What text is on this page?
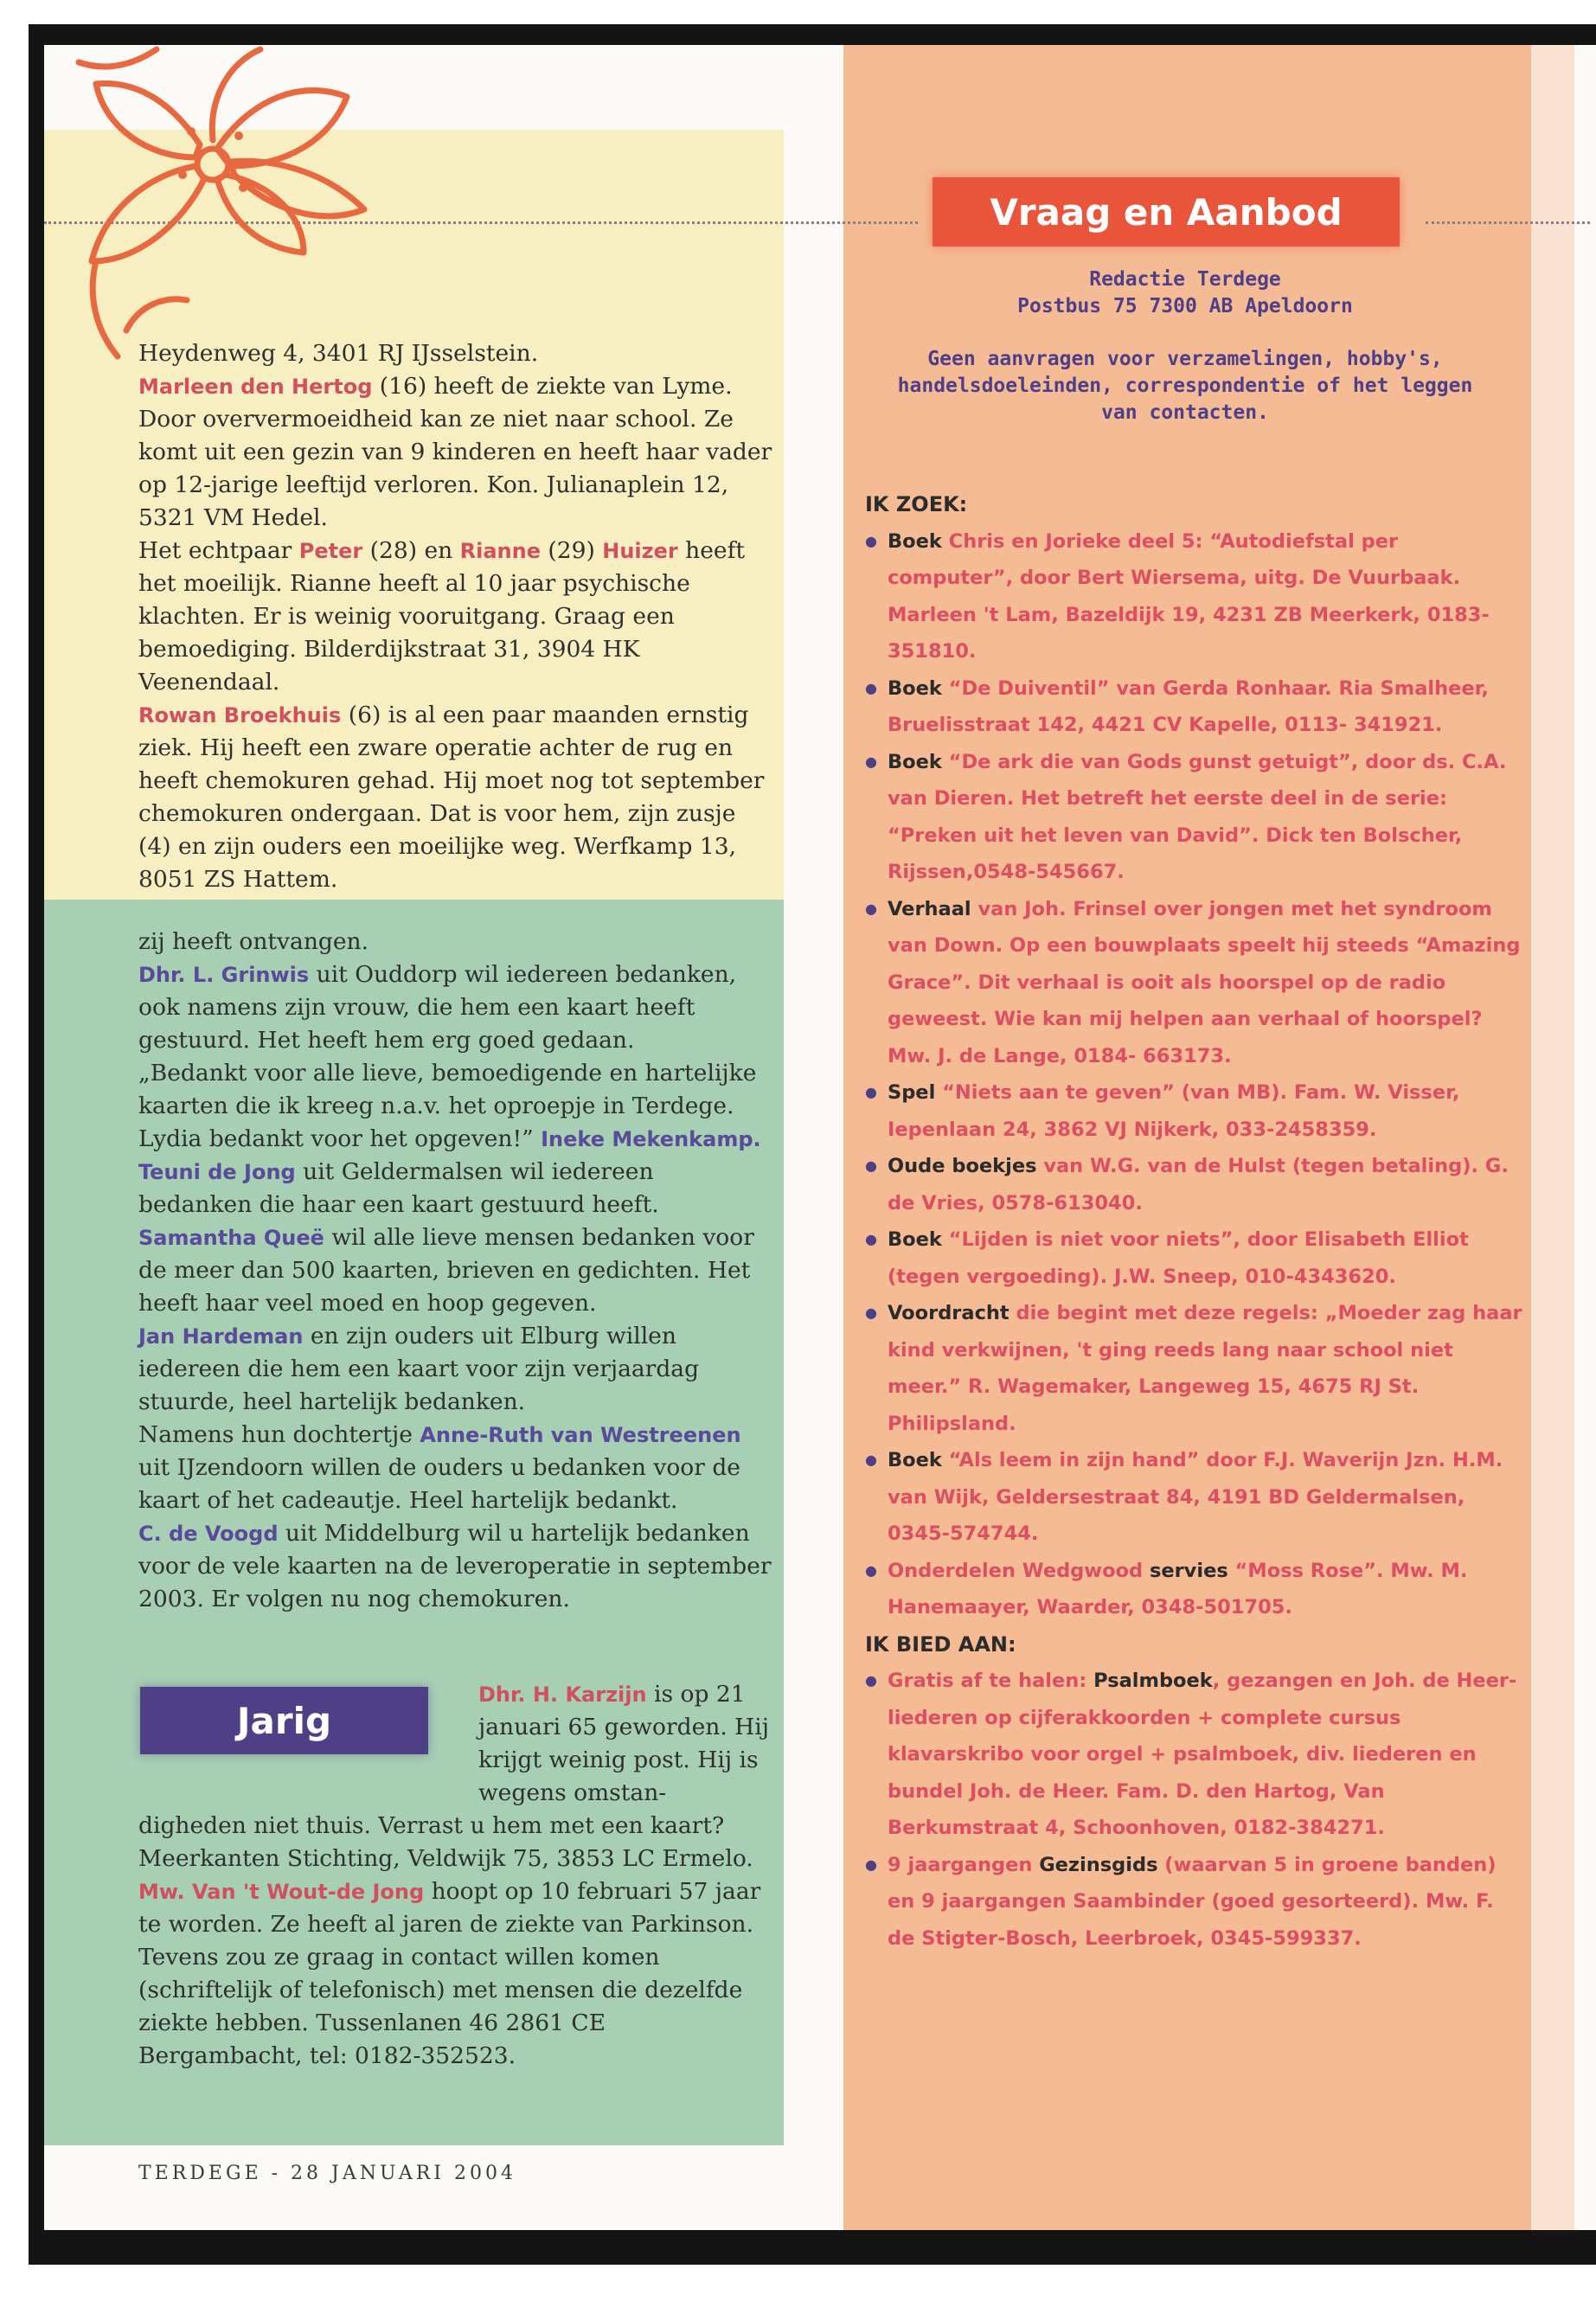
Heydenweg 4, 3401 RJ IJsselstein.

Marleen den Hertog (16) heeft de ziekte van Lyme. Door oververmoeidheid kan ze niet naar school. Ze komt uit een gezin van 9 kinderen en heeft haar vader op 12-jarige leeftijd verloren. Kon. Julianaplein 12, 5321 VM Hedel.

Het echtpaar Peter (28) en Rianne (29) Huizer heeft het moeilijk. Rianne heeft al 10 jaar psychische klachten. Er is weinig vooruitgang. Graag een bemoediging. Bilderdijkstraat 31, 3904 HK Veenendaal.

Rowan Broekhuis (6) is al een paar maanden ernstig ziek. Hij heeft een zware operatie achter de rug en heeft chemokuren gehad. Hij moet nog tot september chemokuren ondergaan. Dat is voor hem, zijn zusje (4) en zijn ouders een moeilijke weg. Werfkamp 13, 8051 ZS Hattem.

zij heeft ontvangen.

Dhr. L. Grinwis uit Ouddorp wil iedereen bedanken, ook namens zijn vrouw, die hem een kaart heeft gestuurd. Het heeft hem erg goed gedaan.

„Bedankt voor alle lieve, bemoedigende en hartelijke kaarten die ik kreeg n.a.v. het oproepje in Terdege. Lydia bedankt voor het opgeven!” Ineke Mekenkamp.

Teuni de Jong uit Geldermalsen wil iedereen bedanken die haar een kaart gestuurd heeft.

Samantha Queë wil alle lieve mensen bedanken voor de meer dan 500 kaarten, brieven en gedichten. Het heeft haar veel moed en hoop gegeven.

Jan Hardeman en zijn ouders uit Elburg willen iedereen die hem een kaart voor zijn verjaardag stuurde, heel hartelijk bedanken.

Namens hun dochtertje Anne-Ruth van Westreenen uit IJzendoorn willen de ouders u bedanken voor de kaart of het cadeautje. Heel hartelijk bedankt.

C. de Voogd uit Middelburg wil u hartelijk bedanken voor de vele kaarten na de leveroperatie in september 2003. Er volgen nu nog chemokuren.

Jarig
Dhr. H. Karzijn is op 21 januari 65 geworden. Hij krijgt weinig post. Hij is wegens omstan-

digheden niet thuis. Verrast u hem met een kaart? Meerkanten Stichting, Veldwijk 75, 3853 LC Ermelo.

Mw. Van 't Wout-de Jong hoopt op 10 februari 57 jaar te worden. Ze heeft al jaren de ziekte van Parkinson. Tevens zou ze graag in contact willen komen (schriftelijk of telefonisch) met mensen die dezelfde ziekte hebben. Tussenlanen 46 2861 CE Bergambacht, tel: 0182-352523.

Vraag en Aanbod
Redactie Terdege
Postbus 75 7300 AB Apeldoorn
Geen aanvragen voor verzamelingen, hobby's, handelsdoeleinden, correspondentie of het leggen van contacten.

IK ZOEK:

● Boek Chris en Jorieke deel 5: “Autodiefstal per computer”, door Bert Wiersema, uitg. De Vuurbaak. Marleen 't Lam, Bazeldijk 19, 4231 ZB Meerkerk, 0183-351810.

● Boek “De Duiventil” van Gerda Ronhaar. Ria Smalheer, Bruelisstraat 142, 4421 CV Kapelle, 0113- 341921.

● Boek “De ark die van Gods gunst getuigt”, door ds. C.A. van Dieren. Het betreft het eerste deel in de serie: “Preken uit het leven van David”. Dick ten Bolscher, Rijssen,0548-545667.

● Verhaal van Joh. Frinsel over jongen met het syndroom van Down. Op een bouwplaats speelt hij steeds “Amazing Grace”. Dit verhaal is ooit als hoorspel op de radio geweest. Wie kan mij helpen aan verhaal of hoorspel? Mw. J. de Lange, 0184- 663173.

● Spel “Niets aan te geven” (van MB). Fam. W. Visser, Iepenlaan 24, 3862 VJ Nijkerk, 033-2458359.

● Oude boekjes van W.G. van de Hulst (tegen betaling). G. de Vries, 0578-613040.

● Boek “Lijden is niet voor niets”, door Elisabeth Elliot (tegen vergoeding). J.W. Sneep, 010-4343620.

● Voordracht die begint met deze regels: „Moeder zag haar kind verkwijnen, 't ging reeds lang naar school niet meer.” R. Wagemaker, Langeweg 15, 4675 RJ St. Philipsland.

● Boek “Als leem in zijn hand” door F.J. Waverijn Jzn. H.M. van Wijk, Geldersestraat 84, 4191 BD Geldermalsen, 0345-574744.

● Onderdelen Wedgwood servies “Moss Rose”. Mw. M. Hanemaayer, Waarder, 0348-501705.

IK BIED AAN:

● Gratis af te halen: Psalmboek, gezangen en Joh. de Heer-liederen op cijferakkoorden + complete cursus klavarskribo voor orgel + psalmboek, div. liederen en bundel Joh. de Heer. Fam. D. den Hartog, Van Berkumstraat 4, Schoonhoven, 0182-384271.

● 9 jaargangen Gezinsgids (waarvan 5 in groene banden) en 9 jaargangen Saambinder (goed gesorteerd). Mw. F. de Stigter-Bosch, Leerbroek, 0345-599337.

TERDEGE - 28 JANUARI 2004
